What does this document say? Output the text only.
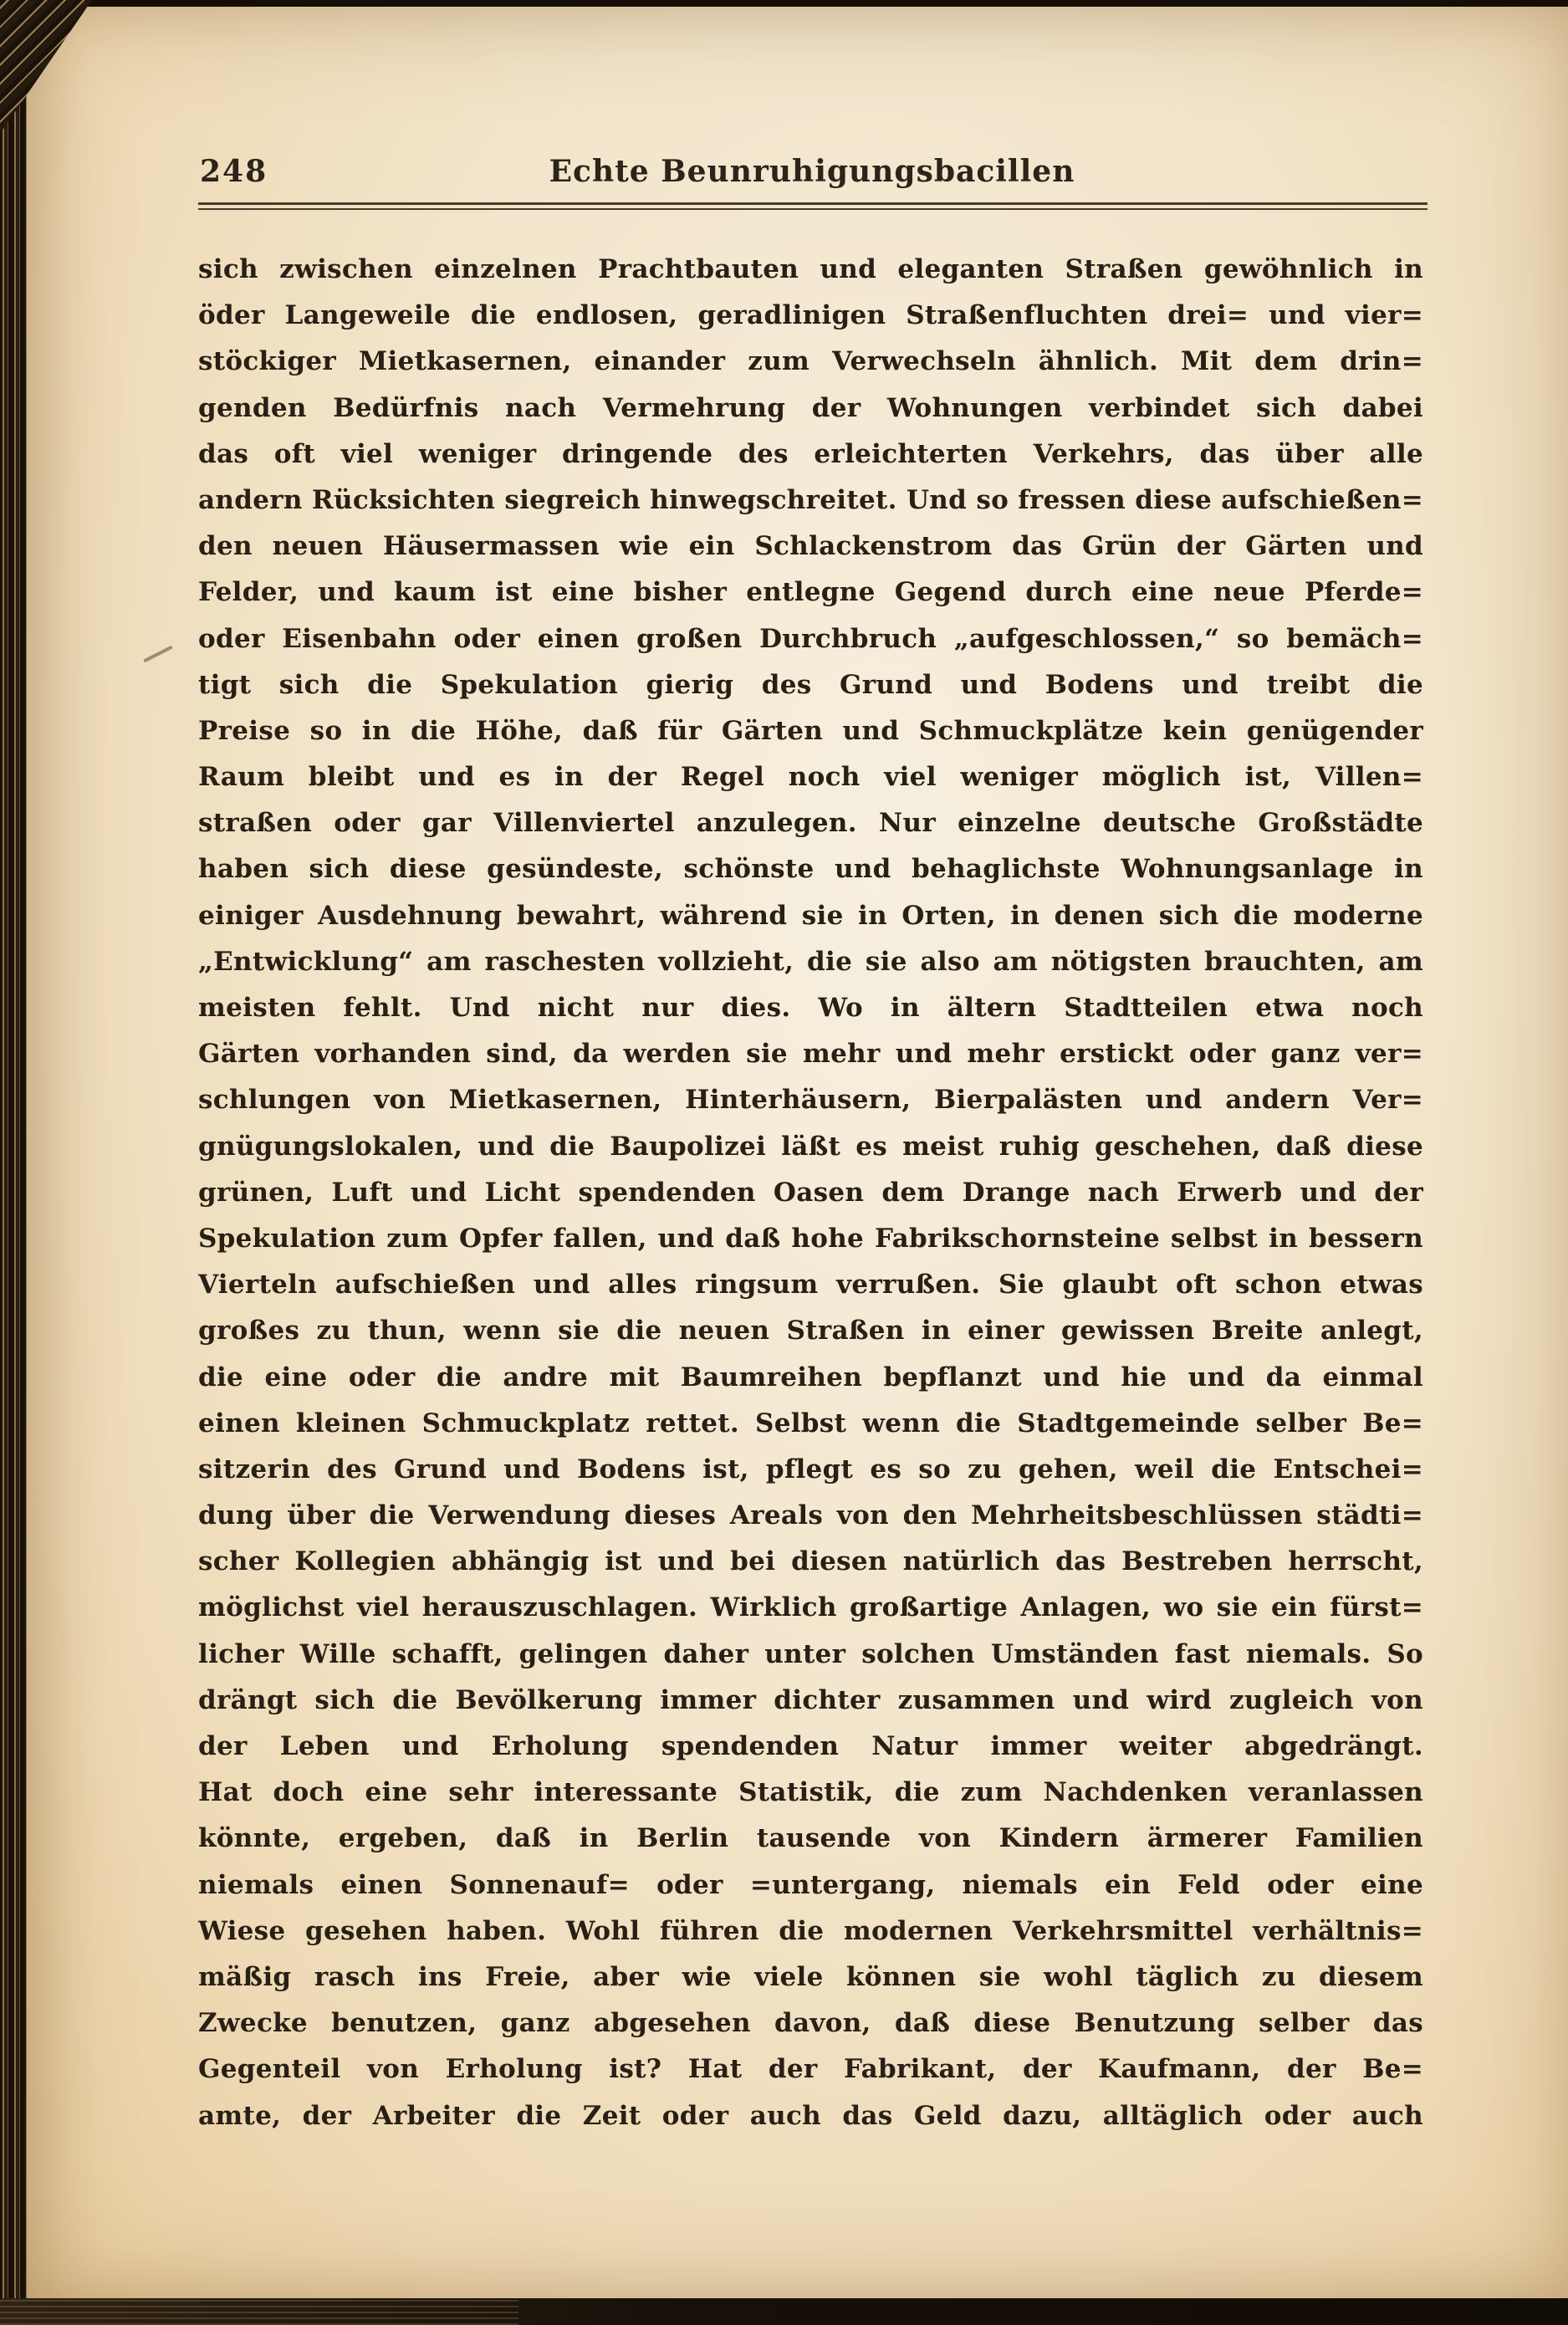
248	Echte Beunruhigungsbacillen
sich zwischen einzelnen Prachtbauten und eleganten Straßen gewöhnlich in
öder Langeweile die endlosen, geradlinigen Straßenfluchten drei= und vier=
stöckiger Mietkasernen, einander zum Verwechseln ähnlich. Mit dem drin=
genden Bedürfnis nach Vermehrung der Wohnungen verbindet sich dabei
das oft viel weniger dringende des erleichterten Verkehrs, das über alle
andern Rücksichten siegreich hinwegschreitet. Und so fressen diese aufschießen=
den neuen Häusermassen wie ein Schlackenstrom das Grün der Gärten und
Felder, und kaum ist eine bisher entlegne Gegend durch eine neue Pferde=
oder Eisenbahn oder einen großen Durchbruch „aufgeschlossen,“ so bemäch=
tigt sich die Spekulation gierig des Grund und Bodens und treibt die
Preise so in die Höhe, daß für Gärten und Schmuckplätze kein genügender
Raum bleibt und es in der Regel noch viel weniger möglich ist, Villen=
straßen oder gar Villenviertel anzulegen. Nur einzelne deutsche Großstädte
haben sich diese gesündeste, schönste und behaglichste Wohnungsanlage in
einiger Ausdehnung bewahrt, während sie in Orten, in denen sich die moderne
„Entwicklung“ am raschesten vollzieht, die sie also am nötigsten brauchten, am
meisten fehlt. Und nicht nur dies. Wo in ältern Stadtteilen etwa noch
Gärten vorhanden sind, da werden sie mehr und mehr erstickt oder ganz ver=
schlungen von Mietkasernen, Hinterhäusern, Bierpalästen und andern Ver=
gnügungslokalen, und die Baupolizei läßt es meist ruhig geschehen, daß diese
grünen, Luft und Licht spendenden Oasen dem Drange nach Erwerb und der
Spekulation zum Opfer fallen, und daß hohe Fabrikschornsteine selbst in bessern
Vierteln aufschießen und alles ringsum verrußen. Sie glaubt oft schon etwas
großes zu thun, wenn sie die neuen Straßen in einer gewissen Breite anlegt,
die eine oder die andre mit Baumreihen bepflanzt und hie und da einmal
einen kleinen Schmuckplatz rettet. Selbst wenn die Stadtgemeinde selber Be=
sitzerin des Grund und Bodens ist, pflegt es so zu gehen, weil die Entschei=
dung über die Verwendung dieses Areals von den Mehrheitsbeschlüssen städti=
scher Kollegien abhängig ist und bei diesen natürlich das Bestreben herrscht,
möglichst viel herauszuschlagen. Wirklich großartige Anlagen, wo sie ein fürst=
licher Wille schafft, gelingen daher unter solchen Umständen fast niemals. So
drängt sich die Bevölkerung immer dichter zusammen und wird zugleich von
der Leben und Erholung spendenden Natur immer weiter abgedrängt.
Hat doch eine sehr interessante Statistik, die zum Nachdenken veranlassen
könnte, ergeben, daß in Berlin tausende von Kindern ärmerer Familien
niemals einen Sonnenauf= oder =untergang, niemals ein Feld oder eine
Wiese gesehen haben. Wohl führen die modernen Verkehrsmittel verhältnis=
mäßig rasch ins Freie, aber wie viele können sie wohl täglich zu diesem
Zwecke benutzen, ganz abgesehen davon, daß diese Benutzung selber das
Gegenteil von Erholung ist? Hat der Fabrikant, der Kaufmann, der Be=
amte, der Arbeiter die Zeit oder auch das Geld dazu, alltäglich oder auch
